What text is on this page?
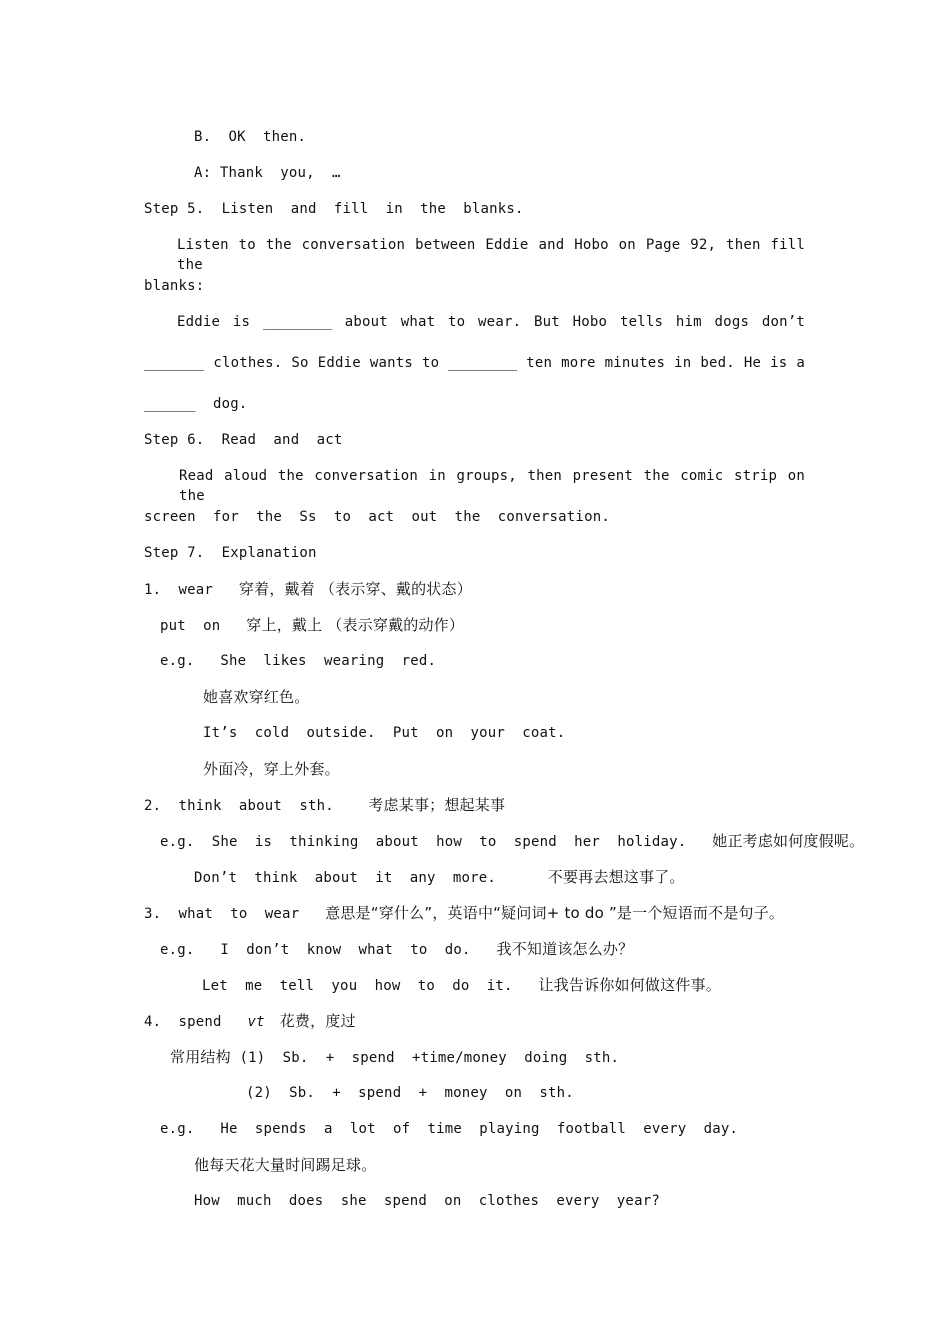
B.  OK  then.
A: Thank  you,  …
Step 5.  Listen  and  fill  in  the  blanks.
Listen to the conversation between Eddie and Hobo on Page 92, then fill the
blanks:
Eddie is ________ about what to wear. But Hobo tells him dogs don’t
_______ clothes. So Eddie wants to ________ ten more minutes in bed. He is a
______  dog.
Step 6.  Read  and  act
Read aloud the conversation in groups, then present the comic strip on the
screen  for  the  Ss  to  act  out  the  conversation.
Step 7.  Explanation
1.  wear   穿着，戴着 （表示穿、戴的状态）
put  on   穿上，戴上 （表示穿戴的动作）
e.g.   She  likes  wearing  red.
她喜欢穿红色。
It’s  cold  outside.  Put  on  your  coat.
外面冷，穿上外套。
2.  think  about  sth.    考虑某事；想起某事
e.g.  She  is  thinking  about  how  to  spend  her  holiday.   她正考虑如何度假呢。
Don’t  think  about  it  any  more.      不要再去想这事了。
3.  what  to  wear   意思是“穿什么”，英语中“疑问词+ to do ”是一个短语而不是句子。
e.g.   I  don’t  know  what  to  do.   我不知道该怎么办？
Let  me  tell  you  how  to  do  it.   让我告诉你如何做这件事。
4.  spend   vt   花费，度过
常用结构 (1)  Sb.  +  spend  +time/money  doing  sth.
(2)  Sb.  +  spend  +  money  on  sth.
e.g.   He  spends  a  lot  of  time  playing  football  every  day.
他每天花大量时间踢足球。
How  much  does  she  spend  on  clothes  every  year?
